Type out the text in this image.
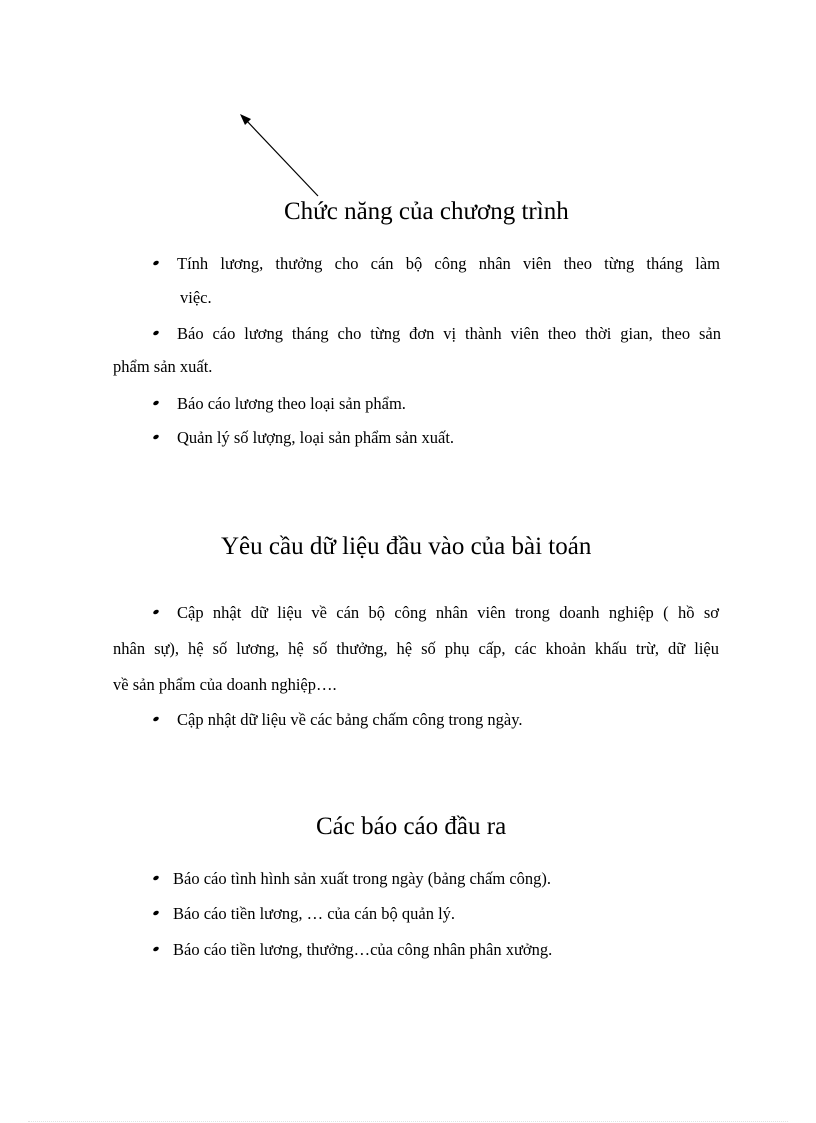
Chức năng của chương trình
Tính lương, thưởng cho cán bộ công nhân viên theo từng tháng làm
việc.
Báo cáo lương tháng cho từng đơn vị thành viên theo thời gian, theo sản
phẩm sản xuất.
Báo cáo lương theo loại sản phẩm.
Quản lý số lượng, loại sản phẩm sản xuất.
Yêu cầu dữ liệu đầu vào của bài toán
Cập nhật dữ liệu về cán bộ công nhân viên trong doanh nghiệp ( hồ sơ
nhân sự), hệ số lương, hệ số thưởng, hệ số phụ cấp, các khoản khấu trừ, dữ liệu
về sản phẩm của doanh nghiệp….
Cập nhật dữ liệu về các bảng chấm công trong ngày.
Các báo cáo đầu ra
Báo cáo tình hình sản xuất trong ngày (bảng chấm công).
Báo cáo tiền lương, … của cán bộ quản lý.
Báo cáo tiền lương, thưởng…của công nhân phân xưởng.
